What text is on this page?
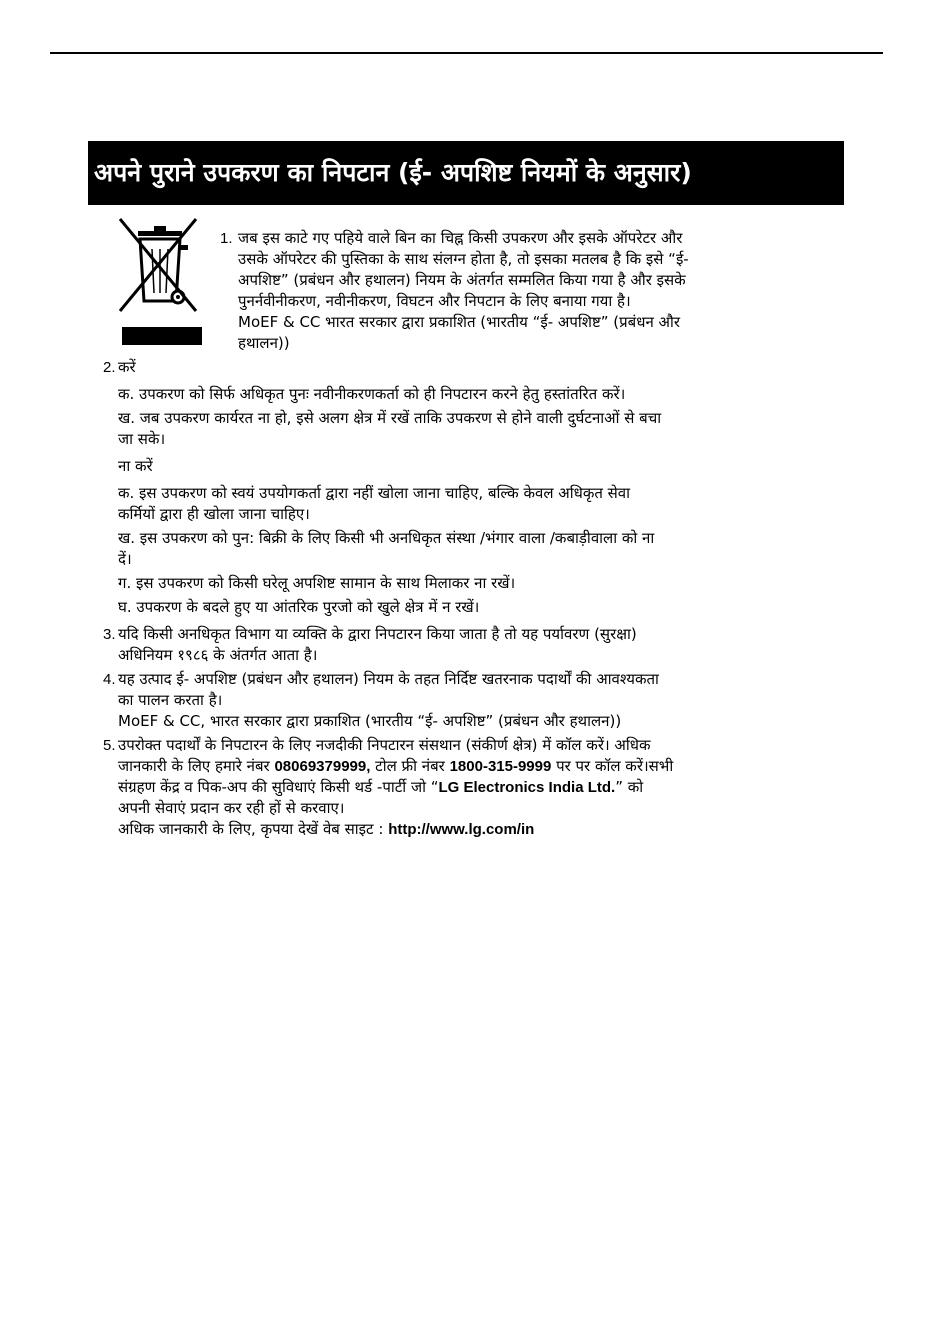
अपने पुराने उपकरण का निपटान (ई- अपशिष्ट नियमों के अनुसार)
1. जब इस काटे गए पहिये वाले बिन का चिह्न किसी उपकरण और इसके ऑपरेटर और
उसके ऑपरेटर की पुस्तिका के साथ संलग्न होता है, तो इसका मतलब है कि इसे “ई-
अपशिष्ट” (प्रबंधन और हथालन) नियम के अंतर्गत सम्मलित किया गया है और इसके
पुनर्नवीनीकरण, नवीनीकरण, विघटन और निपटान के लिए बनाया गया है।
MoEF & CC भारत सरकार द्वारा प्रकाशित (भारतीय “ई- अपशिष्ट” (प्रबंधन और
हथालन))
2. करें
क. उपकरण को सिर्फ अधिकृत पुनः नवीनीकरणकर्ता को ही निपटारन करने हेतु हस्तांतरित करें।
ख. जब उपकरण कार्यरत ना हो, इसे अलग क्षेत्र में रखें ताकि उपकरण से होने वाली दुर्घटनाओं से बचा
जा सके।
ना करें
क. इस उपकरण को स्वयं उपयोगकर्ता द्वारा नहीं खोला जाना चाहिए, बल्कि केवल अधिकृत सेवा
कर्मियों द्वारा ही खोला जाना चाहिए।
ख. इस उपकरण को पुन: बिक्री के लिए किसी भी अनधिकृत संस्था /भंगार वाला /कबाड़ीवाला को ना
दें।
ग. इस उपकरण को किसी घरेलू अपशिष्ट सामान के साथ मिलाकर ना रखें।
घ. उपकरण के बदले हुए या आंतरिक पुरजो को खुले क्षेत्र में न रखें।
3. यदि किसी अनधिकृत विभाग या व्यक्ति के द्वारा निपटारन किया जाता है तो यह पर्यावरण (सुरक्षा)
अधिनियम १९८६ के अंतर्गत आता है।
4. यह उत्पाद ई- अपशिष्ट (प्रबंधन और हथालन) नियम के तहत निर्दिष्ट खतरनाक पदार्थों की आवश्यकता
का पालन करता है।
MoEF & CC, भारत सरकार द्वारा प्रकाशित (भारतीय “ई- अपशिष्ट” (प्रबंधन और हथालन))
5. उपरोक्त पदार्थों के निपटारन के लिए नजदीकी निपटारन संसथान (संकीर्ण क्षेत्र) में कॉल करें। अधिक
जानकारी के लिए हमारे नंबर 08069379999, टोल फ्री नंबर 1800-315-9999 पर पर कॉल करें।सभी
संग्रहण केंद्र व पिक-अप की सुविधाएं किसी थर्ड -पार्टी जो “LG Electronics India Ltd.” को
अपनी सेवाएं प्रदान कर रही हों से करवाए।
अधिक जानकारी के लिए, कृपया देखें वेब साइट : http://www.lg.com/in
